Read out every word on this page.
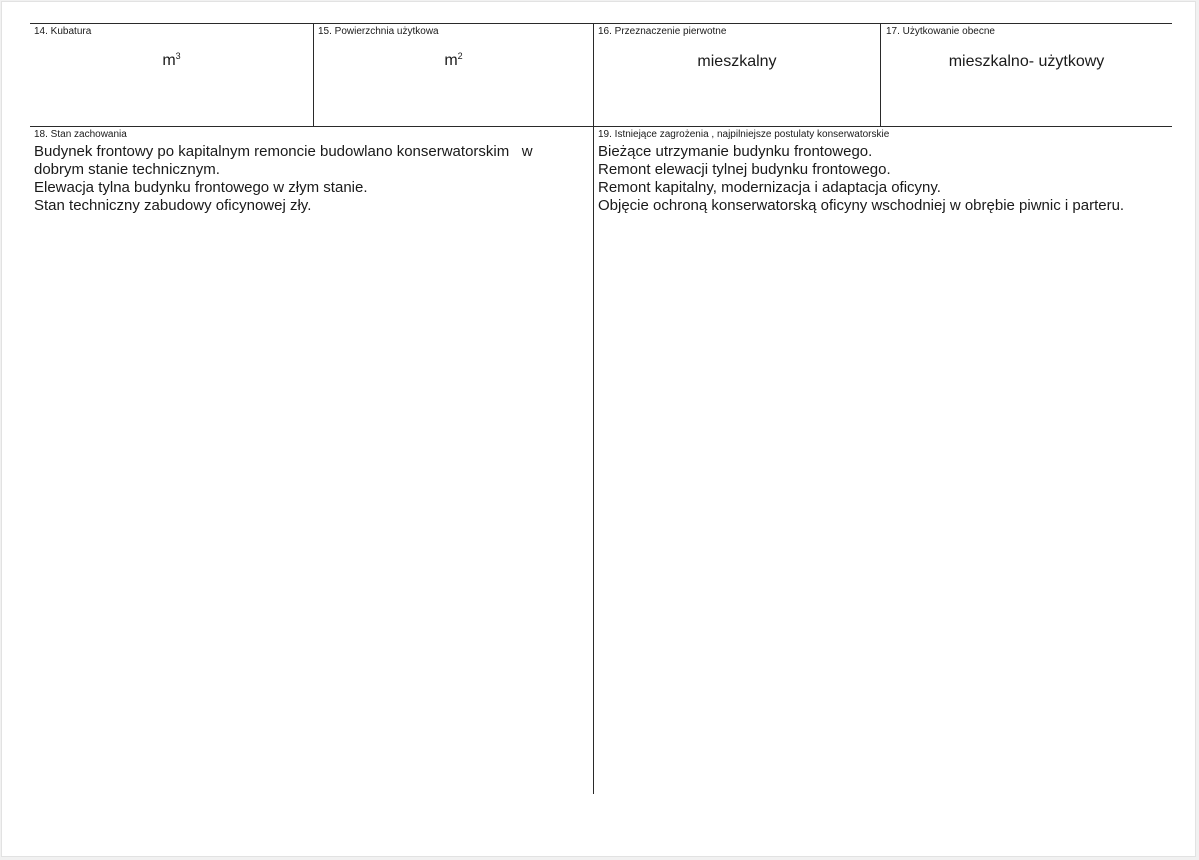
14. Kubatura
$m^3$
15. Powierzchnia użytkowa
$m^2$
16. Przeznaczenie pierwotne
mieszkalny
17. Użytkowanie obecne
mieszkalno- użytkowy
18. Stan zachowania
Budynek frontowy po kapitalnym remoncie budowlano konserwatorskim   w
dobrym stanie technicznym.
Elewacja tylna budynku frontowego w złym stanie.
Stan techniczny zabudowy oficynowej zły.
19. Istniejące zagrożenia , najpilniejsze postulaty konserwatorskie
Bieżące utrzymanie budynku frontowego.
Remont elewacji tylnej budynku frontowego.
Remont kapitalny, modernizacja i adaptacja oficyny.
Objęcie ochroną konserwatorską oficyny wschodniej w obrębie piwnic i parteru.
